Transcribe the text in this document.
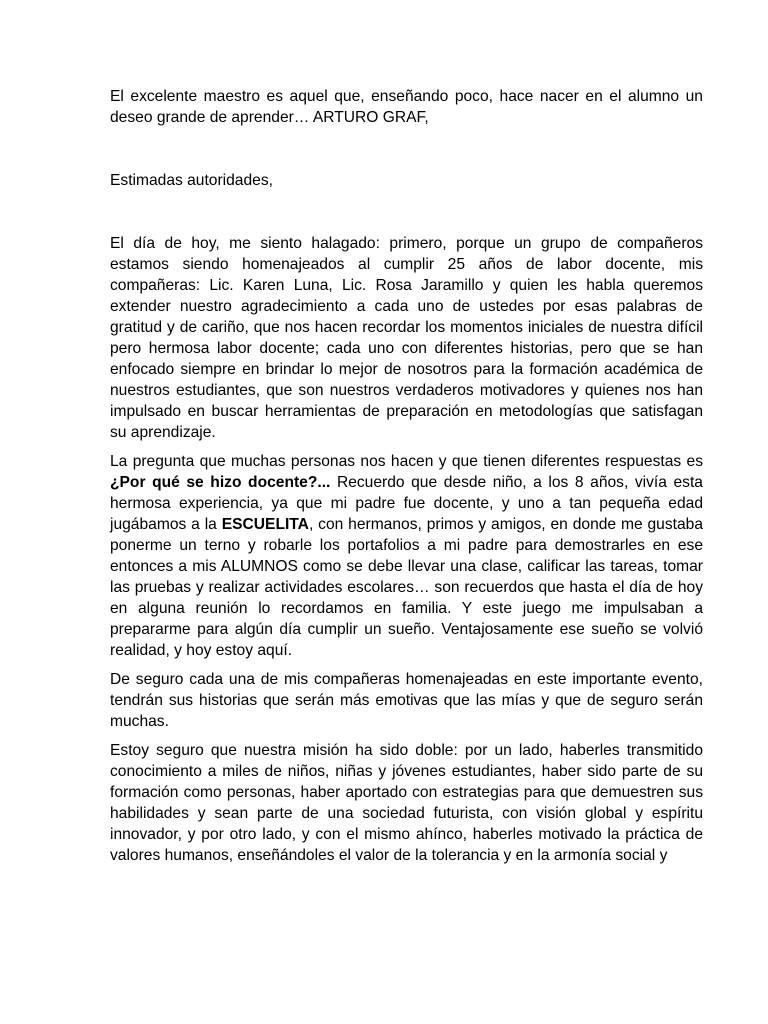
El excelente maestro es aquel que, enseñando poco, hace nacer en el alumno un deseo grande de aprender… ARTURO GRAF,

Estimadas autoridades,

El día de hoy, me siento halagado: primero, porque un grupo de compañeros estamos siendo homenajeados al cumplir 25 años de labor docente, mis compañeras: Lic. Karen Luna, Lic. Rosa Jaramillo y quien les habla queremos extender nuestro agradecimiento a cada uno de ustedes por esas palabras de gratitud y de cariño, que nos hacen recordar los momentos iniciales de nuestra difícil pero hermosa labor docente; cada uno con diferentes historias, pero que se han enfocado siempre en brindar lo mejor de nosotros para la formación académica de nuestros estudiantes, que son nuestros verdaderos motivadores y quienes nos han impulsado en buscar herramientas de preparación en metodologías que satisfagan su aprendizaje.

La pregunta que muchas personas nos hacen y que tienen diferentes respuestas es ¿Por qué se hizo docente?... Recuerdo que desde niño, a los 8 años, vivía esta hermosa experiencia, ya que mi padre fue docente, y uno a tan pequeña edad jugábamos a la ESCUELITA, con hermanos, primos y amigos, en donde me gustaba ponerme un terno y robarle los portafolios a mi padre para demostrarles en ese entonces a mis ALUMNOS como se debe llevar una clase, calificar las tareas, tomar las pruebas y realizar actividades escolares… son recuerdos que hasta el día de hoy en alguna reunión lo recordamos en familia. Y este juego me impulsaban a prepararme para algún día cumplir un sueño. Ventajosamente ese sueño se volvió realidad, y hoy estoy aquí.

De seguro cada una de mis compañeras homenajeadas en este importante evento, tendrán sus historias que serán más emotivas que las mías y que de seguro serán muchas.

Estoy seguro que nuestra misión ha sido doble: por un lado, haberles transmitido conocimiento a miles de niños, niñas y jóvenes estudiantes, haber sido parte de su formación como personas, haber aportado con estrategias para que demuestren sus habilidades y sean parte de una sociedad futurista, con visión global y espíritu innovador, y por otro lado, y con el mismo ahínco, haberles motivado la práctica de valores humanos, enseñándoles el valor de la tolerancia y en la armonía social y
